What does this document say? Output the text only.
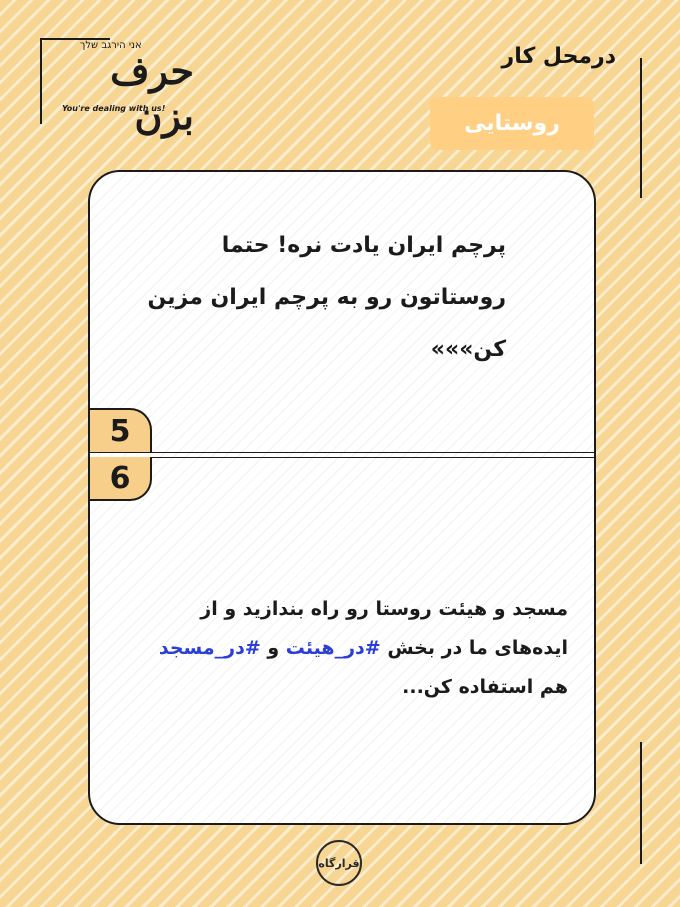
אני הירגב שלך
حرف بزن
You're dealing with us!
درمحل کار
روستایی
5
6
پرچم ایران یادت نره! حتما روستاتون رو به پرچم ایران مزین کن»»»
مسجد و هیئت روستا رو راه بندازید و از ایده‌های ما در بخش #در_هیئت و #در_مسجد هم استفاده کن...
قرارگاه
